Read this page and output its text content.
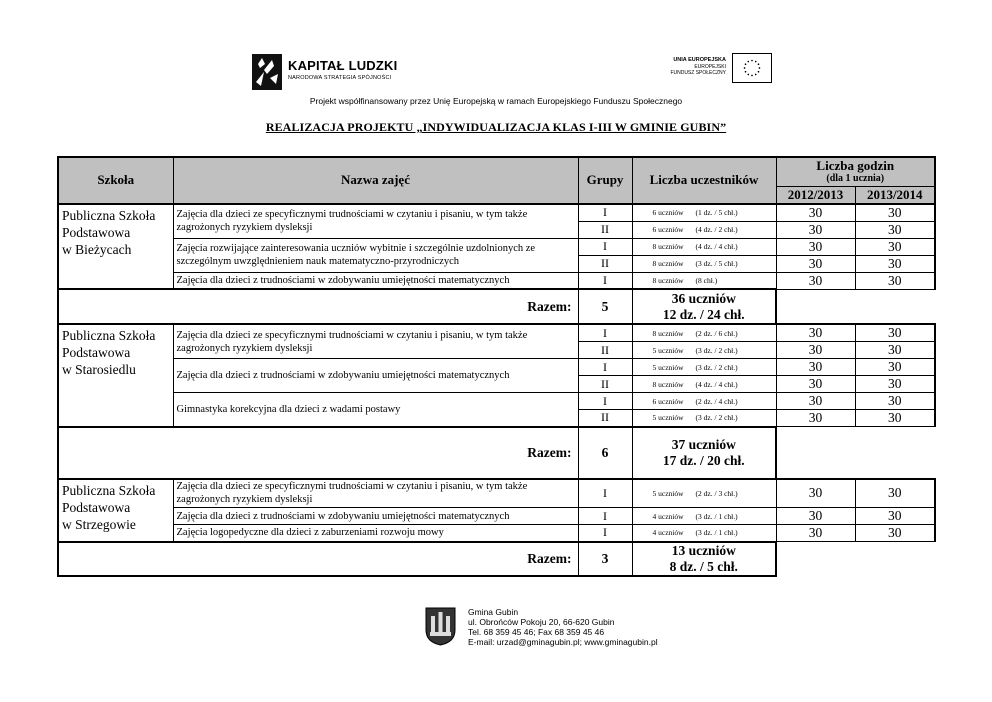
KAPITAŁ LUDZKI
NARODOWA STRATEGIA SPÓJNOŚCI
UNIA EUROPEJSKA
EUROPEJSKI
FUNDUSZ SPOŁECZNY
Projekt współfinansowany przez Unię Europejską w ramach Europejskiego Funduszu Społecznego
REALIZACJA PROJEKTU „INDYWIDUALIZACJA KLAS I-III W GMINIE GUBIN”
Szkoła	Nazwa zajęć	Grupy	Liczba uczestników	Liczba godzin
(dla 1 ucznia)	

				2012/2013	2013/2014

Publiczna Szkoła
Podstawowa
w Bieżycach	Zajęcia dla dzieci ze specyficznymi trudnościami w czytaniu i pisaniu, w tym także zagrożonych ryzykiem dysleksji	I	6 uczniów (1 dz. / 5 chł.)	30	30
		II	6 uczniów (4 dz. / 2 chł.)	30	30
	Zajęcia rozwijające zainteresowania uczniów wybitnie i szczególnie uzdolnionych ze szczególnym uwzględnieniem nauk matematyczno-przyrodniczych	I	8 uczniów (4 dz. / 4 chł.)	30	30
		II	8 uczniów (3 dz. / 5 chł.)	30	30
	Zajęcia dla dzieci z trudnościami w zdobywaniu umiejętności matematycznych	I	8 uczniów (8 chł.)	30	30
Razem:		5	36 uczniów
12 dz. / 24 chł.		

Publiczna Szkoła
Podstawowa
w Starosiedlu	Zajęcia dla dzieci ze specyficznymi trudnościami w czytaniu i pisaniu, w tym także zagrożonych ryzykiem dysleksji	I	8 uczniów (2 dz. / 6 chł.)	30	30
		II	5 uczniów (3 dz. / 2 chł.)	30	30
	Zajęcia dla dzieci z trudnościami w zdobywaniu umiejętności matematycznych	I	5 uczniów (3 dz. / 2 chł.)	30	30
		II	8 uczniów (4 dz. / 4 chł.)	30	30
	Gimnastyka korekcyjna dla dzieci z wadami postawy	I	6 uczniów (2 dz. / 4 chł.)	30	30
		II	5 uczniów (3 dz. / 2 chł.)	30	30
Razem:		6	37 uczniów
17 dz. / 20 chł.		

Publiczna Szkoła
Podstawowa
w Strzegowie	Zajęcia dla dzieci ze specyficznymi trudnościami w czytaniu i pisaniu, w tym także zagrożonych ryzykiem dysleksji	I	5 uczniów (2 dz. / 3 chł.)	30	30
	Zajęcia dla dzieci z trudnościami w zdobywaniu umiejętności matematycznych	I	4 uczniów (3 dz. / 1 chł.)	30	30
	Zajęcia logopedyczne dla dzieci z zaburzeniami rozwoju mowy	I	4 uczniów (3 dz. / 1 chł.)	30	30
Razem:		3	13 uczniów
8 dz. / 5 chł.		

Gmina Gubin
ul. Obrońców Pokoju 20, 66-620 Gubin
Tel. 68 359 45 46; Fax 68 359 45 46
E-mail: urzad@gminagubin.pl; www.gminagubin.pl
